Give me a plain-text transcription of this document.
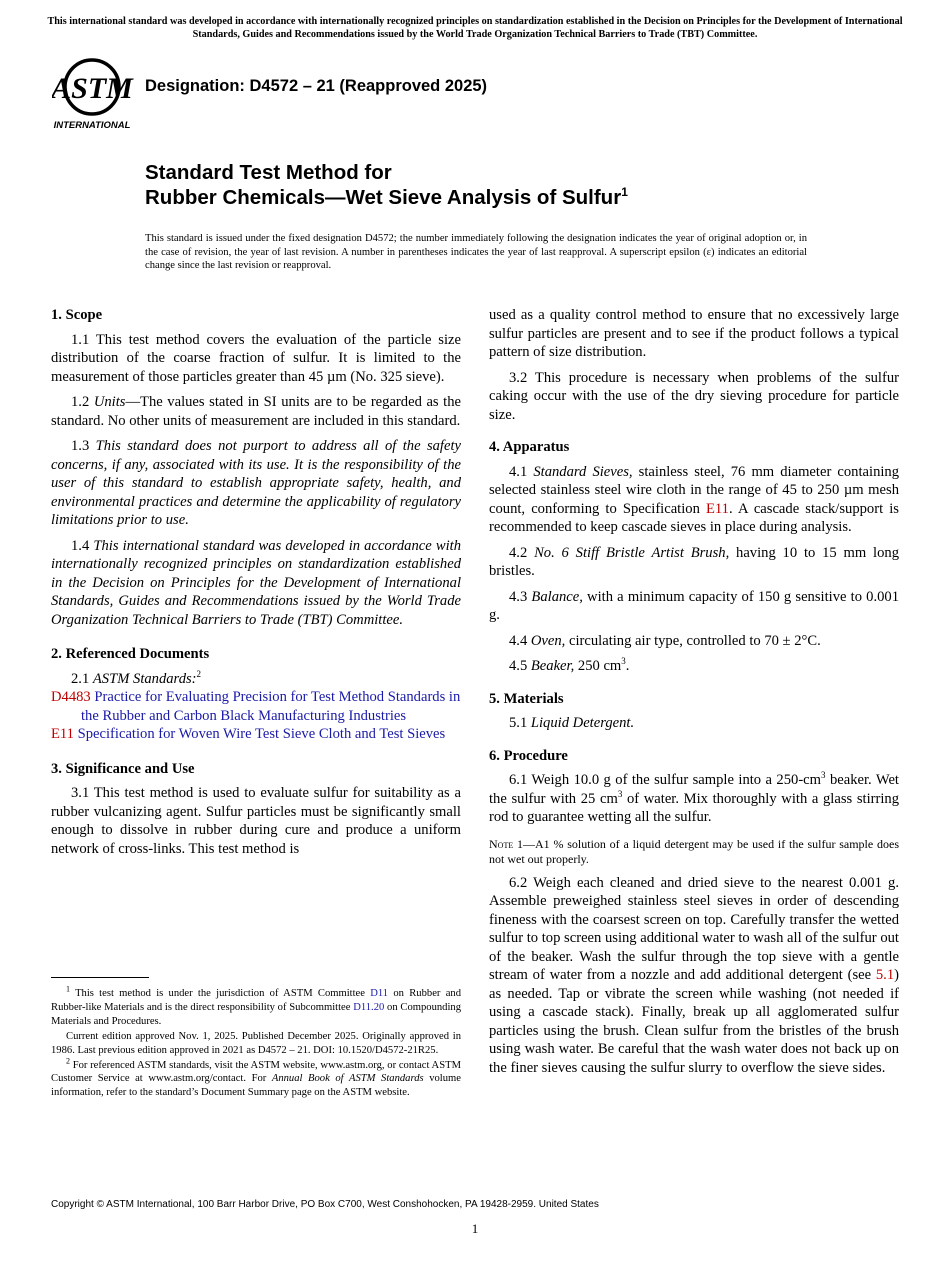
This international standard was developed in accordance with internationally recognized principles on standardization established in the Decision on Principles for the Development of International Standards, Guides and Recommendations issued by the World Trade Organization Technical Barriers to Trade (TBT) Committee.
ASTM
INTERNATIONAL
Designation: D4572 – 21 (Reapproved 2025)
Standard Test Method for
Rubber Chemicals—Wet Sieve Analysis of Sulfur$^1$
This standard is issued under the fixed designation D4572; the number immediately following the designation indicates the year of original adoption or, in the case of revision, the year of last revision. A number in parentheses indicates the year of last reapproval. A superscript epsilon (ε) indicates an editorial change since the last revision or reapproval.
1. Scope

1.1 This test method covers the evaluation of the particle size distribution of the coarse fraction of sulfur. It is limited to the measurement of those particles greater than 45 µm (No. 325 sieve).

1.2 Units—The values stated in SI units are to be regarded as the standard. No other units of measurement are included in this standard.

1.3 This standard does not purport to address all of the safety concerns, if any, associated with its use. It is the responsibility of the user of this standard to establish appropriate safety, health, and environmental practices and determine the applicability of regulatory limitations prior to use.

1.4 This international standard was developed in accordance with internationally recognized principles on standardization established in the Decision on Principles for the Development of International Standards, Guides and Recommendations issued by the World Trade Organization Technical Barriers to Trade (TBT) Committee.

2. Referenced Documents

2.1 ASTM Standards:$^2$

D4483 Practice for Evaluating Precision for Test Method Standards in the Rubber and Carbon Black Manufacturing Industries
E11 Specification for Woven Wire Test Sieve Cloth and Test Sieves
3. Significance and Use

3.1 This test method is used to evaluate sulfur for suitability as a rubber vulcanizing agent. Sulfur particles must be significantly small enough to dissolve in rubber during cure and produce a uniform network of cross-links. This test method is

$^1$ This test method is under the jurisdiction of ASTM Committee D11 on Rubber and Rubber-like Materials and is the direct responsibility of Subcommittee D11.20 on Compounding Materials and Procedures.

Current edition approved Nov. 1, 2025. Published December 2025. Originally approved in 1986. Last previous edition approved in 2021 as D4572 – 21. DOI: 10.1520/D4572-21R25.

$^2$ For referenced ASTM standards, visit the ASTM website, www.astm.org, or contact ASTM Customer Service at www.astm.org/contact. For Annual Book of ASTM Standards volume information, refer to the standard’s Document Summary page on the ASTM website.

used as a quality control method to ensure that no excessively large sulfur particles are present and to see if the product follows a typical pattern of size distribution.

3.2 This procedure is necessary when problems of the sulfur caking occur with the use of the dry sieving procedure for particle size.

4. Apparatus

4.1 Standard Sieves, stainless steel, 76 mm diameter containing selected stainless steel wire cloth in the range of 45 to 250 µm mesh count, conforming to Specification E11. A cascade stack/support is recommended to keep cascade sieves in place during analysis.

4.2 No. 6 Stiff Bristle Artist Brush, having 10 to 15 mm long bristles.

4.3 Balance, with a minimum capacity of 150 g sensitive to 0.001 g.

4.4 Oven, circulating air type, controlled to 70 ± 2°C.

4.5 Beaker, 250 $cm^3$.

5. Materials

5.1 Liquid Detergent.

6. Procedure

6.1 Weigh 10.0 g of the sulfur sample into a $250-cm^3$ beaker. Wet the sulfur with 25 $cm^3$ of water. Mix thoroughly with a glass stirring rod to guarantee wetting all the sulfur.

Note 1—A1 % solution of a liquid detergent may be used if the sulfur sample does not wet out properly.

6.2 Weigh each cleaned and dried sieve to the nearest 0.001 g. Assemble preweighed stainless steel sieves in order of descending fineness with the coarsest screen on top. Carefully transfer the wetted sulfur to top screen using additional water to wash all of the sulfur out of the beaker. Wash the sulfur through the top sieve with a gentle stream of water from a nozzle and add additional detergent (see 5.1) as needed. Tap or vibrate the screen while washing (not needed if using a cascade stack). Finally, break up all agglomerated sulfur particles using the brush. Clean sulfur from the bristles of the brush using wash water. Be careful that the wash water does not back up on the finer sieves causing the sulfur slurry to overflow the sieve sides.

Copyright © ASTM International, 100 Barr Harbor Drive, PO Box C700, West Conshohocken, PA 19428-2959. United States
1
